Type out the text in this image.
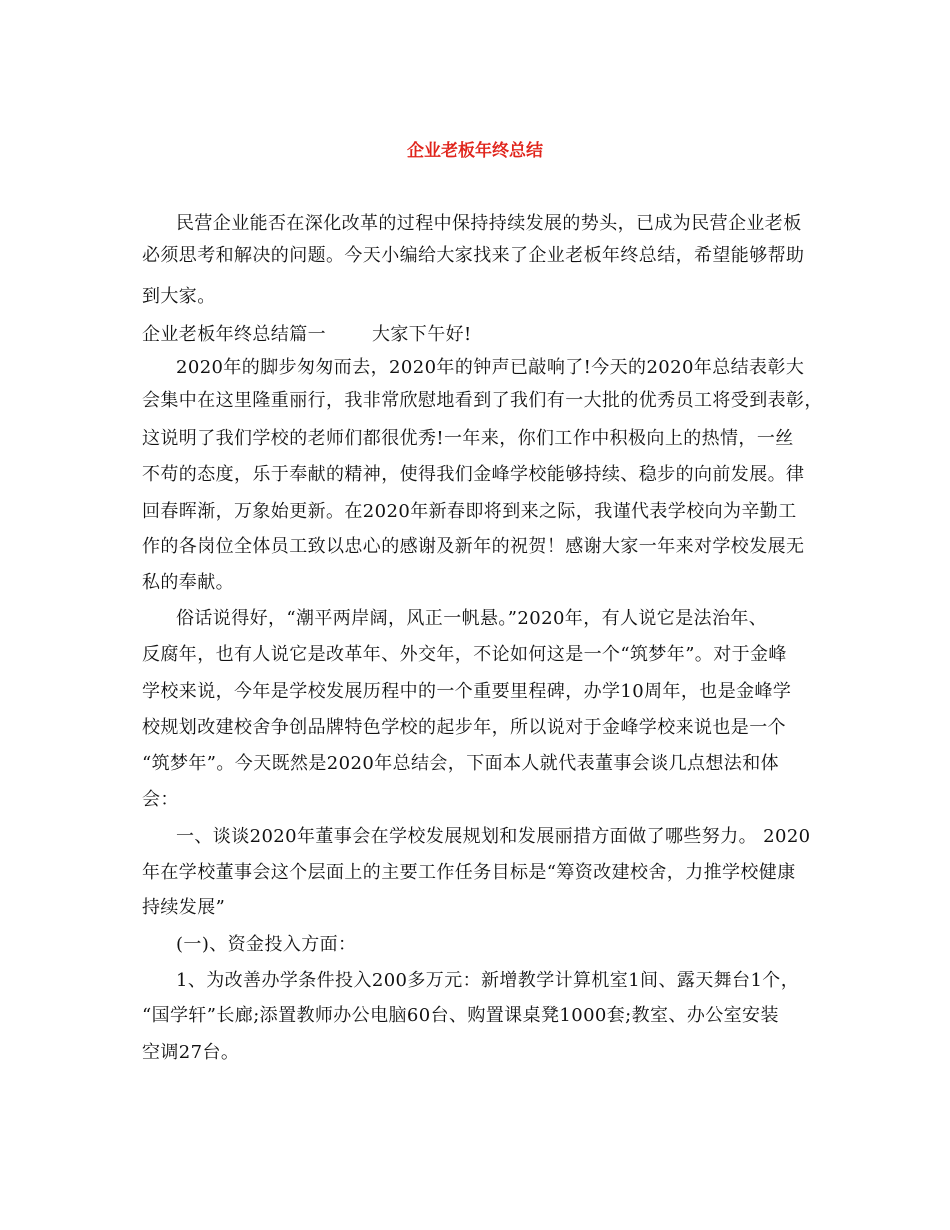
企业老板年终总结
民营企业能否在深化改革的过程中保持持续发展的势头，已成为民营企业老板
必须思考和解决的问题。今天小编给大家找来了企业老板年终总结，希望能够帮助
到大家。
企业老板年终总结篇一	大家下午好!
2020年的脚步匆匆而去，2020年的钟声已敲响了!今天的2020年总结表彰大
会集中在这里隆重丽行，我非常欣慰地看到了我们有一大批的优秀员工将受到表彰，
这说明了我们学校的老师们都很优秀!一年来，你们工作中积极向上的热情，一丝
不苟的态度，乐于奉献的精神，使得我们金峰学校能够持续、稳步的向前发展。律
回春晖渐，万象始更新。在2020年新春即将到来之际，我谨代表学校向为辛勤工
作的各岗位全体员工致以忠心的感谢及新年的祝贺！感谢大家一年来对学校发展无
私的奉献。
俗话说得好，“潮平两岸阔，风正一帆悬。”2020年，有人说它是法治年、
反腐年，也有人说它是改革年、外交年，不论如何这是一个“筑梦年”。对于金峰
学校来说，今年是学校发展历程中的一个重要里程碑，办学10周年，也是金峰学
校规划改建校舍争创品牌特色学校的起步年，所以说对于金峰学校来说也是一个
“筑梦年”。今天既然是2020年总结会，下面本人就代表董事会谈几点想法和体
会：
一、谈谈2020年董事会在学校发展规划和发展丽措方面做了哪些努力。 2020
年在学校董事会这个层面上的主要工作任务目标是“筹资改建校舍，力推学校健康
持续发展”
(一)、资金投入方面：
1、为改善办学条件投入200多万元：新增教学计算机室1间、露天舞台1个，
“国学轩”长廊;添置教师办公电脑60台、购置课桌凳1000套;教室、办公室安装
空调27台。
